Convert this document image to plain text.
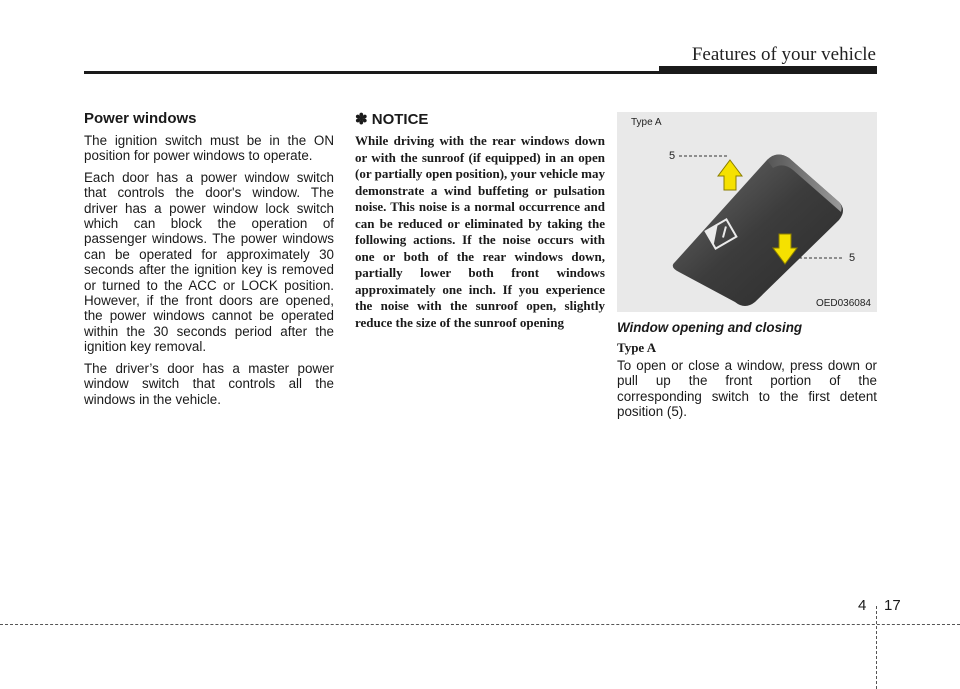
Features of your vehicle
Power windows

The ignition switch must be in the ON position for power windows to operate.

Each door has a power window switch that controls the door's window. The driver has a power window lock switch which can block the operation of passenger windows. The power windows can be operated for approximately 30 seconds after the ignition key is removed or turned to the ACC or LOCK position. However, if the front doors are opened, the power windows cannot be operated within the 30 seconds period after the ignition key removal.

The driver’s door has a master power window switch that controls all the windows in the vehicle.

✽ NOTICE

While driving with the rear windows down or with the sunroof (if equipped) in an open (or partially open position), your vehicle may demonstrate a wind buffeting or pulsation noise. This noise is a normal occurrence and can be reduced or eliminated by taking the following actions. If the noise occurs with one or both of the rear windows down, partially lower both front windows approximately one inch. If you experience the noise with the sunroof open, slightly reduce the size of the sunroof opening

Type A
5
5
OED036084
Window opening and closing
Type A

To open or close a window, press down or pull up the front portion of the corresponding switch to the first detent position (5).

4 17
